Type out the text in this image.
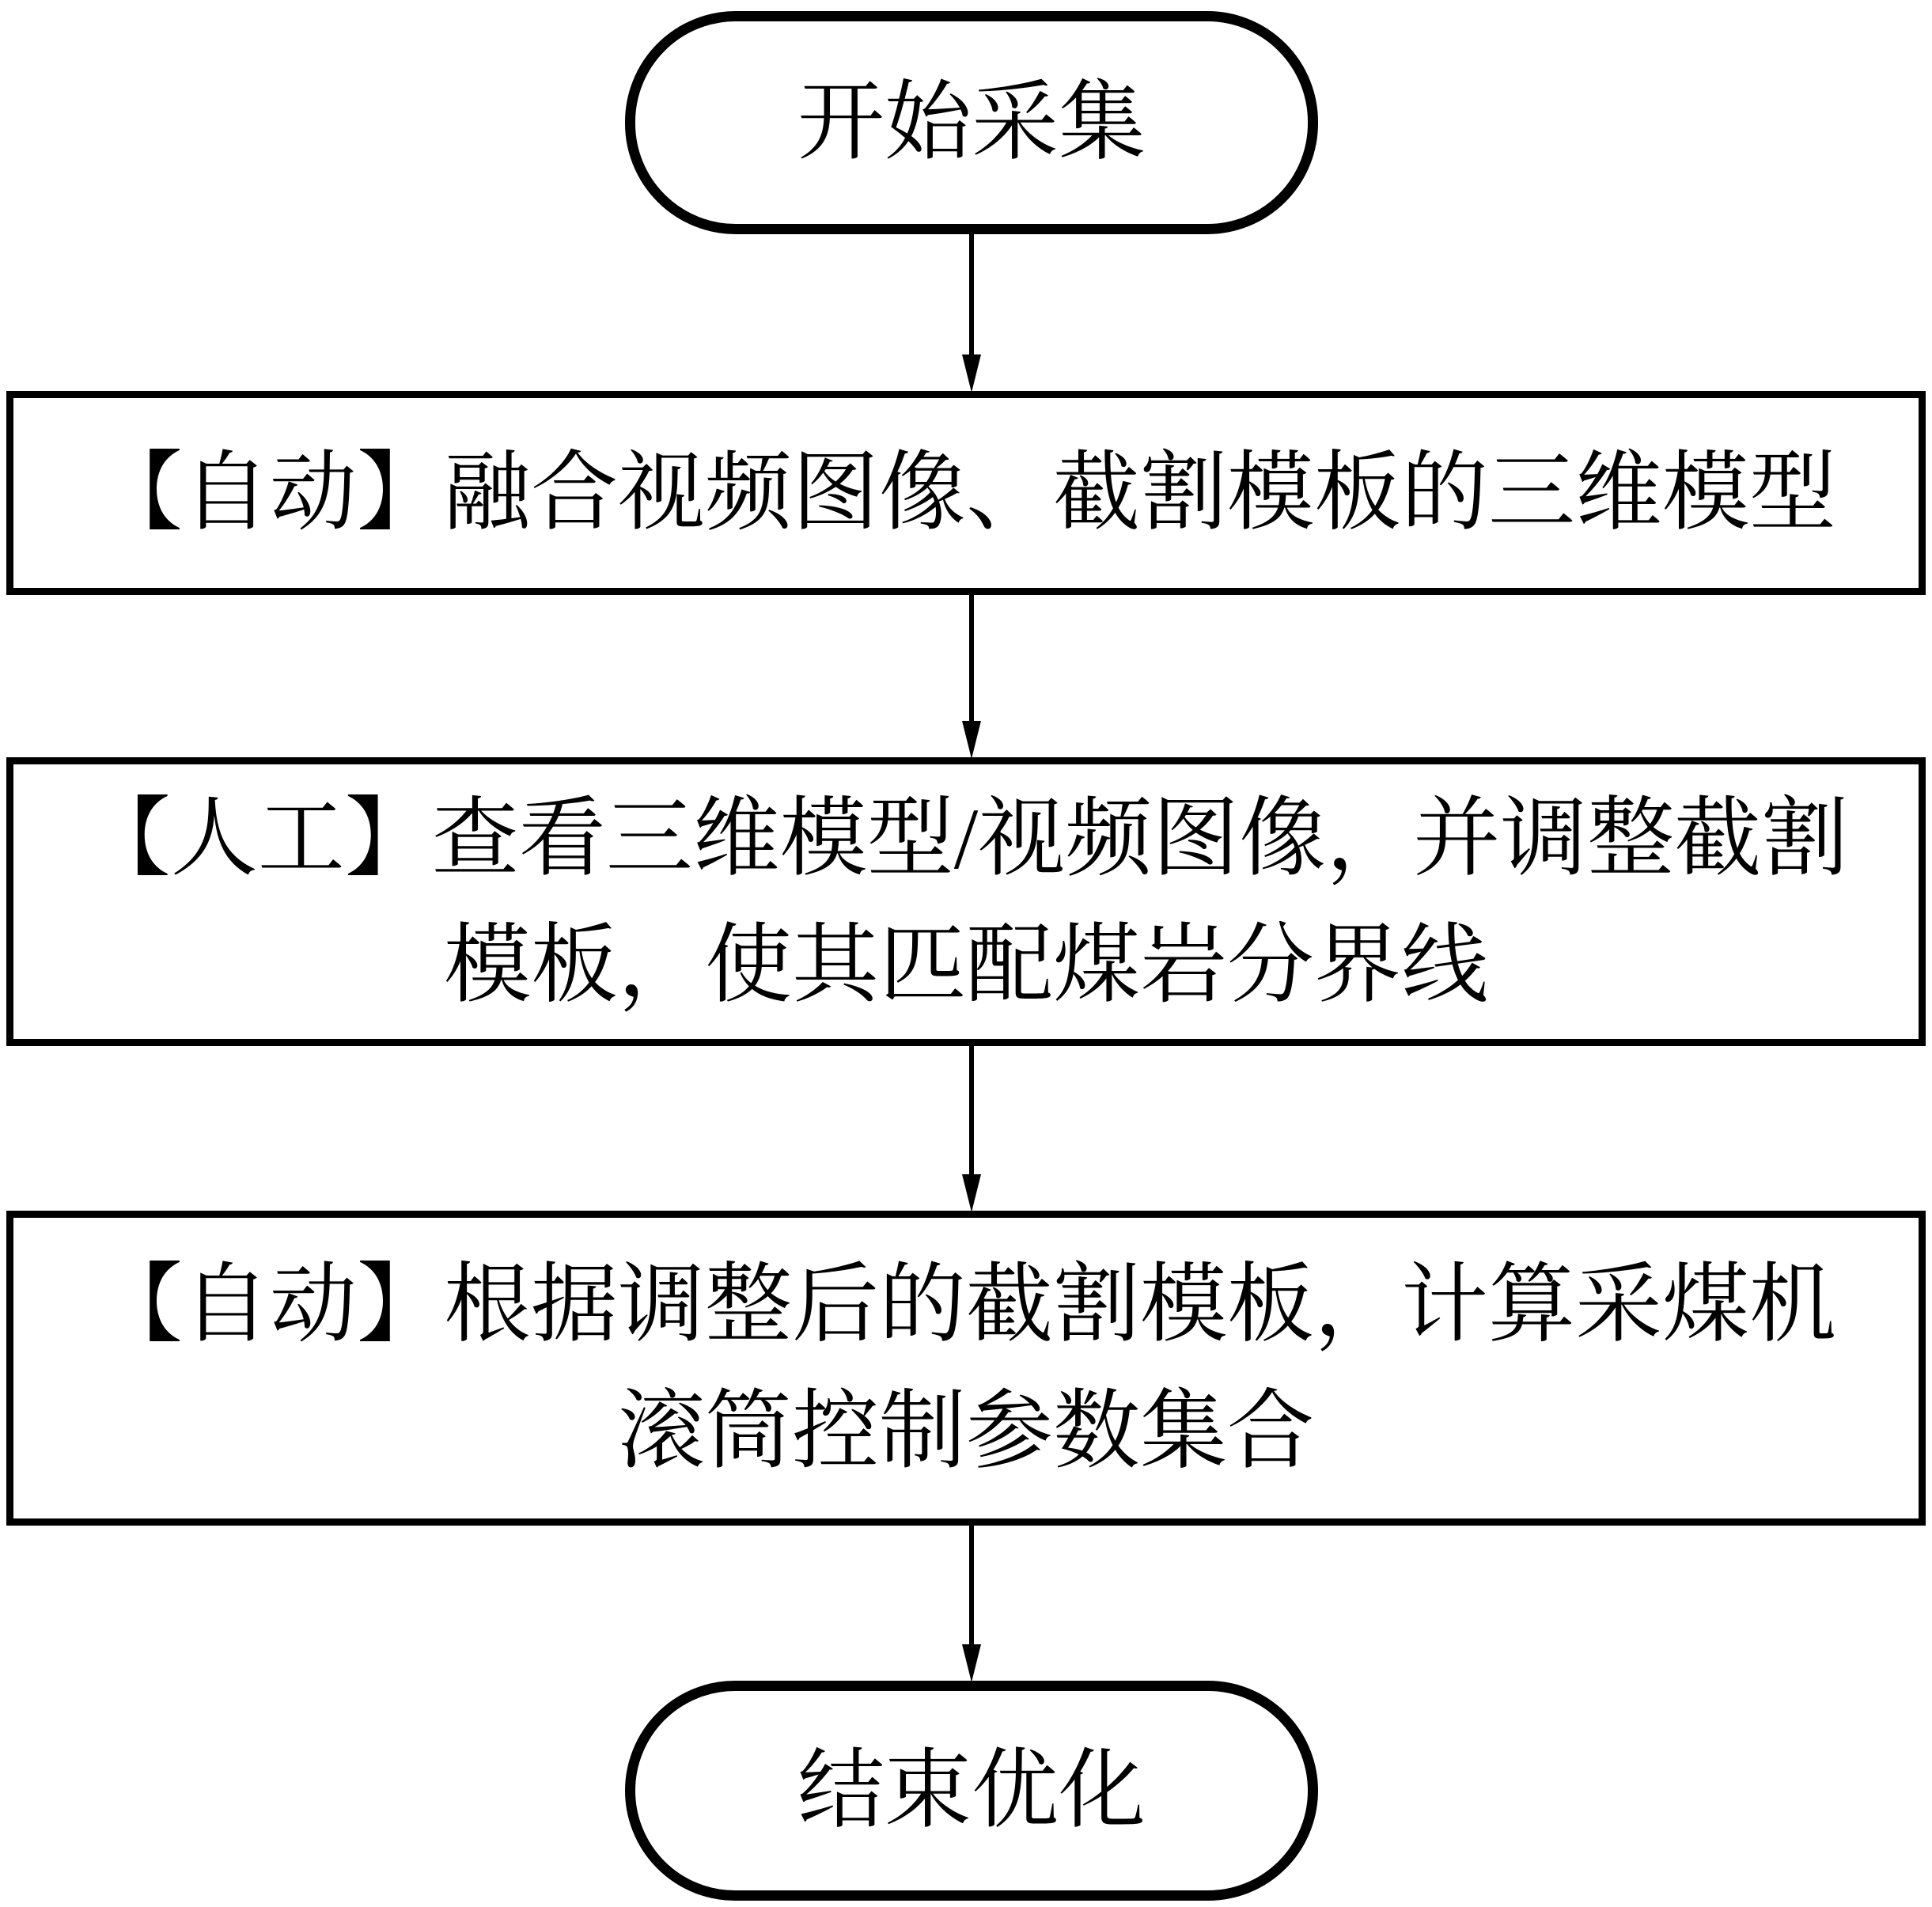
开始采集
【自动】融合视频图像、截割模板的三维模型
【人工】查看三维模型/视频图像，并调整截割
模板，使其匹配煤岩分界线
【自动】根据调整后的截割模板，计算采煤机
滚筒控制参数集合
结束优化
